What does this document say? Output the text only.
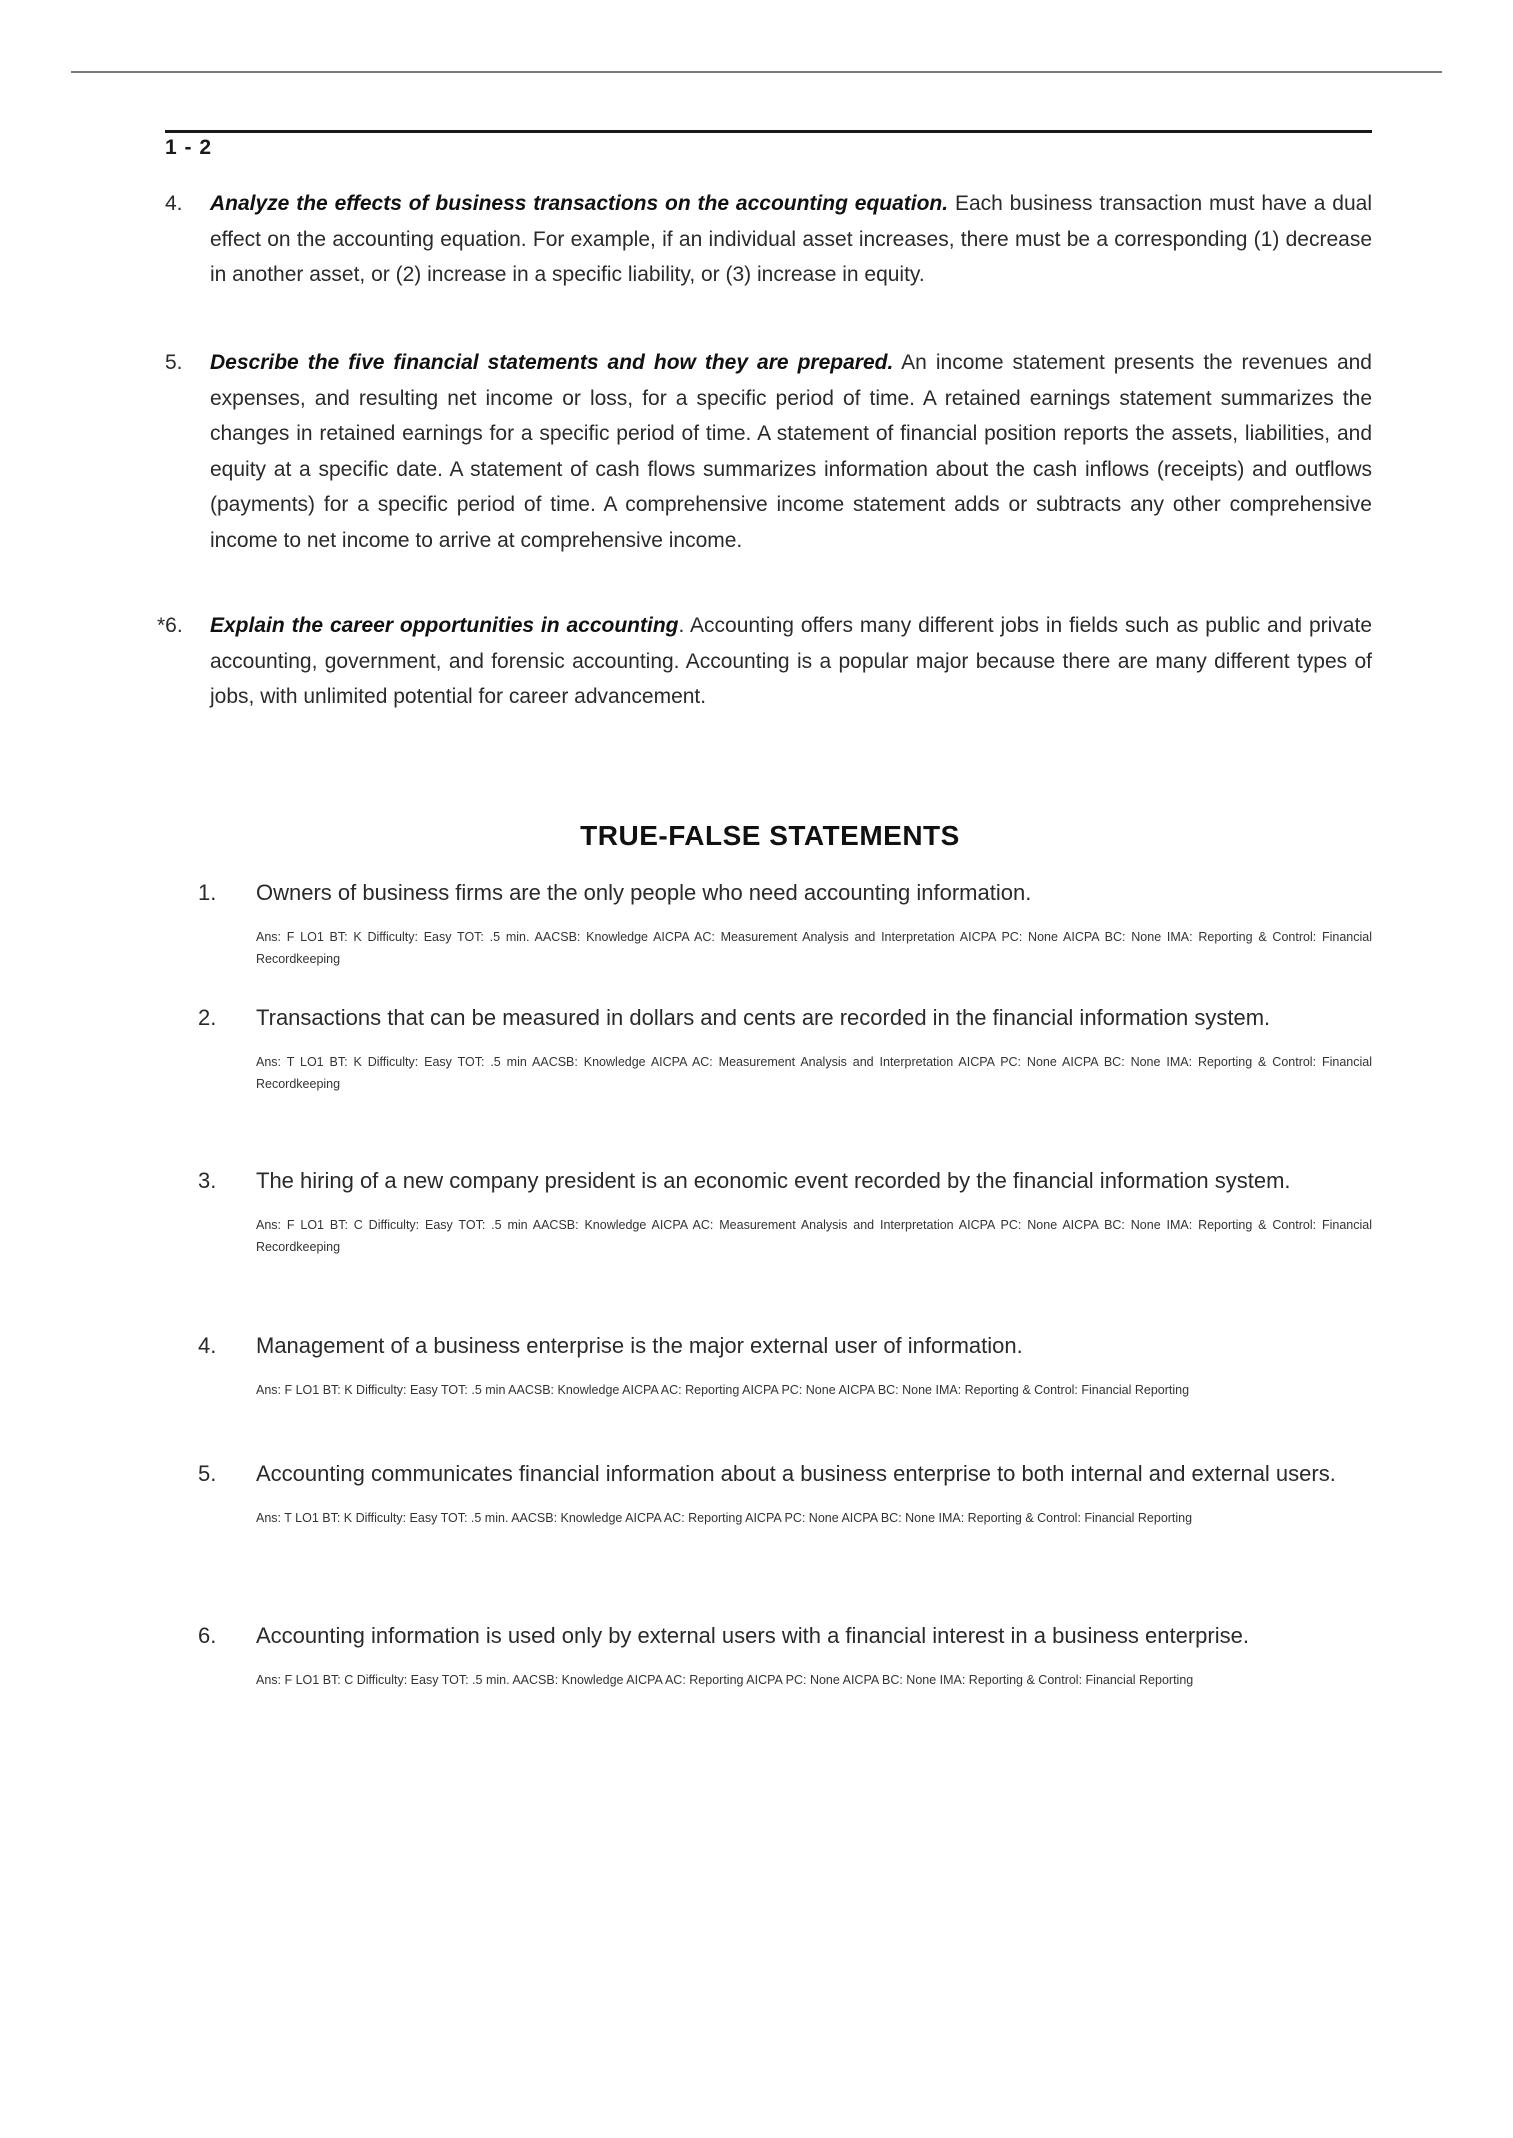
1 - 2
4. Analyze the effects of business transactions on the accounting equation. Each business transaction must have a dual effect on the accounting equation. For example, if an individual asset increases, there must be a corresponding (1) decrease in another asset, or (2) increase in a specific liability, or (3) increase in equity.
5. Describe the five financial statements and how they are prepared. An income statement presents the revenues and expenses, and resulting net income or loss, for a specific period of time. A retained earnings statement summarizes the changes in retained earnings for a specific period of time. A statement of financial position reports the assets, liabilities, and equity at a specific date. A statement of cash flows summarizes information about the cash inflows (receipts) and outflows (payments) for a specific period of time. A comprehensive income statement adds or subtracts any other comprehensive income to net income to arrive at comprehensive income.
*6. Explain the career opportunities in accounting. Accounting offers many different jobs in fields such as public and private accounting, government, and forensic accounting. Accounting is a popular major because there are many different types of jobs, with unlimited potential for career advancement.
TRUE-FALSE STATEMENTS
1. Owners of business firms are the only people who need accounting information.
Ans: F LO1 BT: K Difficulty: Easy TOT: .5 min. AACSB: Knowledge AICPA AC: Measurement Analysis and Interpretation AICPA PC: None AICPA BC: None IMA: Reporting & Control: Financial Recordkeeping
2. Transactions that can be measured in dollars and cents are recorded in the financial information system.
Ans: T LO1 BT: K Difficulty: Easy TOT: .5 min AACSB: Knowledge AICPA AC: Measurement Analysis and Interpretation AICPA PC: None AICPA BC: None IMA: Reporting & Control: Financial Recordkeeping
3. The hiring of a new company president is an economic event recorded by the financial information system.
Ans: F LO1 BT: C Difficulty: Easy TOT: .5 min AACSB: Knowledge AICPA AC: Measurement Analysis and Interpretation AICPA PC: None AICPA BC: None IMA: Reporting & Control: Financial Recordkeeping
4. Management of a business enterprise is the major external user of information.
Ans: F LO1 BT: K Difficulty: Easy TOT: .5 min AACSB: Knowledge AICPA AC: Reporting AICPA PC: None AICPA BC: None IMA: Reporting & Control: Financial Reporting
5. Accounting communicates financial information about a business enterprise to both internal and external users.
Ans: T LO1 BT: K Difficulty: Easy TOT: .5 min. AACSB: Knowledge AICPA AC: Reporting AICPA PC: None AICPA BC: None IMA: Reporting & Control: Financial Reporting
6. Accounting information is used only by external users with a financial interest in a business enterprise.
Ans: F LO1 BT: C Difficulty: Easy TOT: .5 min. AACSB: Knowledge AICPA AC: Reporting AICPA PC: None AICPA BC: None IMA: Reporting & Control: Financial Reporting
